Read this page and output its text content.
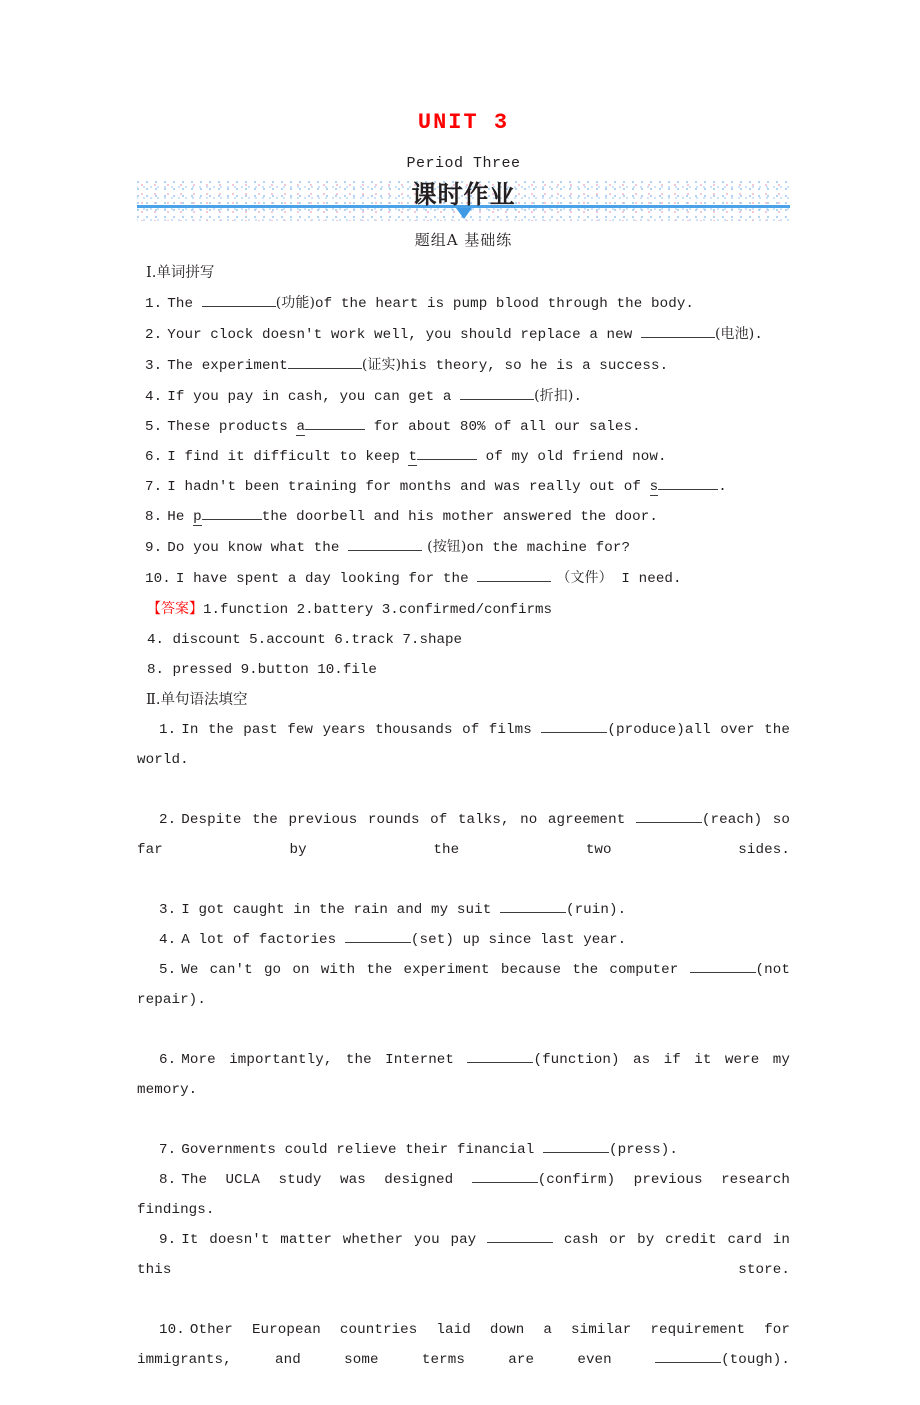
UNIT 3
Period Three
课时作业
题组A 基础练
Ⅰ.单词拼写
1. The	(功能)of the heart is pump blood through the body.
2. Your clock doesn't work well, you should replace a new	(电池).
3. The experiment	(证实)his theory, so he is a success.
4. If you pay in cash, you can get a	(折扣).
5. These products a	for about 80% of all our sales.
6. I find it difficult to keep t	of my old friend now.
7. I hadn't been training for months and was really out of s	.
8. He p	the doorbell and his mother answered the door.
9. Do you know what the	(按钮)on the machine for?
10. I have spent a day looking for the	（文件） I need.
【答案】1.function 2.battery 3.confirmed/confirms
4. discount 5.account 6.track 7.shape
8. pressed 9.button 10.file
Ⅱ.单句语法填空
1. In the past few years thousands of films	(produce)all over the world.
2. Despite the previous rounds of talks, no agreement	(reach) so far by the two sides.
3. I got caught in the rain and my suit	(ruin).
4. A lot of factories	(set) up since last year.
5. We can't go on with the experiment because the computer	(not repair).
6. More importantly, the Internet	(function) as if it were my memory.
7. Governments could relieve their financial	(press).
8. The UCLA study was designed	(confirm) previous research findings.
9. It doesn't matter whether you pay	cash or by credit card in this store.
10. Other European countries laid down a similar requirement for immigrants, and some terms are even	(tough).
